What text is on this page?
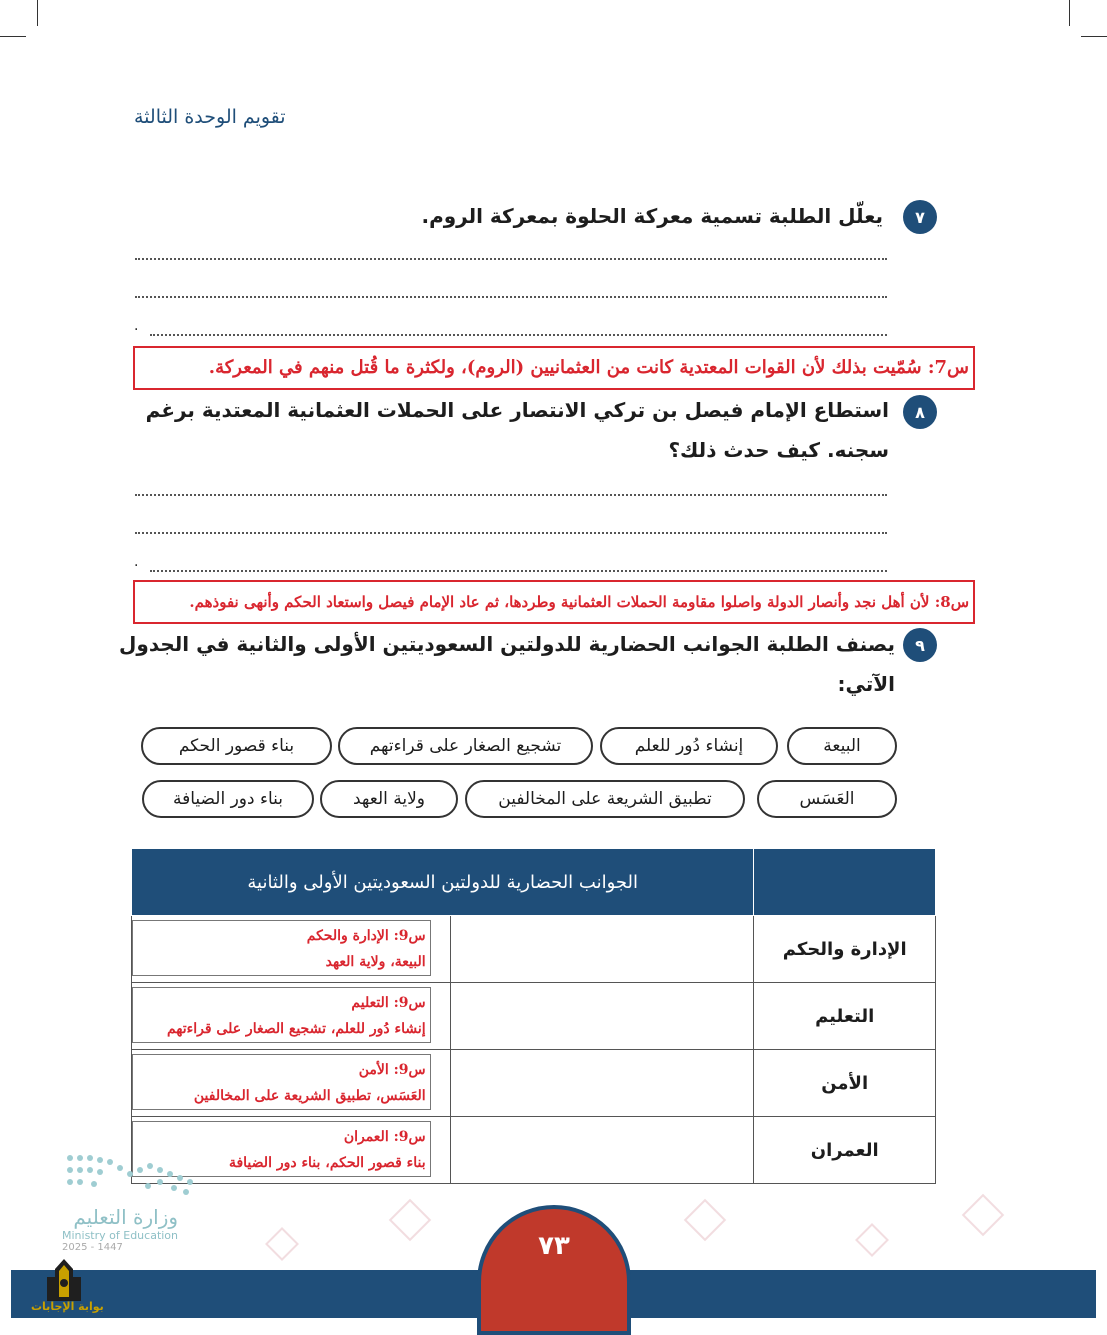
تقويم الوحدة الثالثة
٧
يعلّل الطلبة تسمية معركة الحلوة بمعركة الروم.
.
س7: سُمّيت بذلك لأن القوات المعتدية كانت من العثمانيين (الروم)، ولكثرة ما قُتل منهم في المعركة.
٨
استطاع الإمام فيصل بن تركي الانتصار على الحملات العثمانية المعتدية برغم
سجنه. كيف حدث ذلك؟
.
س8: لأن أهل نجد وأنصار الدولة واصلوا مقاومة الحملات العثمانية وطردها، ثم عاد الإمام فيصل واستعاد الحكم وأنهى نفوذهم.
٩
يصنف الطلبة الجوانب الحضارية للدولتين السعوديتين الأولى والثانية في الجدول
الآتي:
البيعة
إنشاء دُور للعلم
تشجيع الصغار على قراءتهم
بناء قصور الحكم
العَسَس
تطبيق الشريعة على المخالفين
ولاية العهد
بناء دور الضيافة
	الجوانب الحضارية للدولتين السعوديتين الأولى والثانية	
الإدارة والحكم		س9: الإدارة والحكم
البيعة، ولاية العهد

التعليم		س9: التعليم
إنشاء دُور للعلم، تشجيع الصغار على قراءتهم

الأمن		س9: الأمن
العَسَس، تطبيق الشريعة على المخالفين

العمران		س9: العمران
بناء قصور الحكم، بناء دور الضيافة
٧٣
وزارة التعليم
Ministry of Education
2025 - 1447
بوابة الإجابات
